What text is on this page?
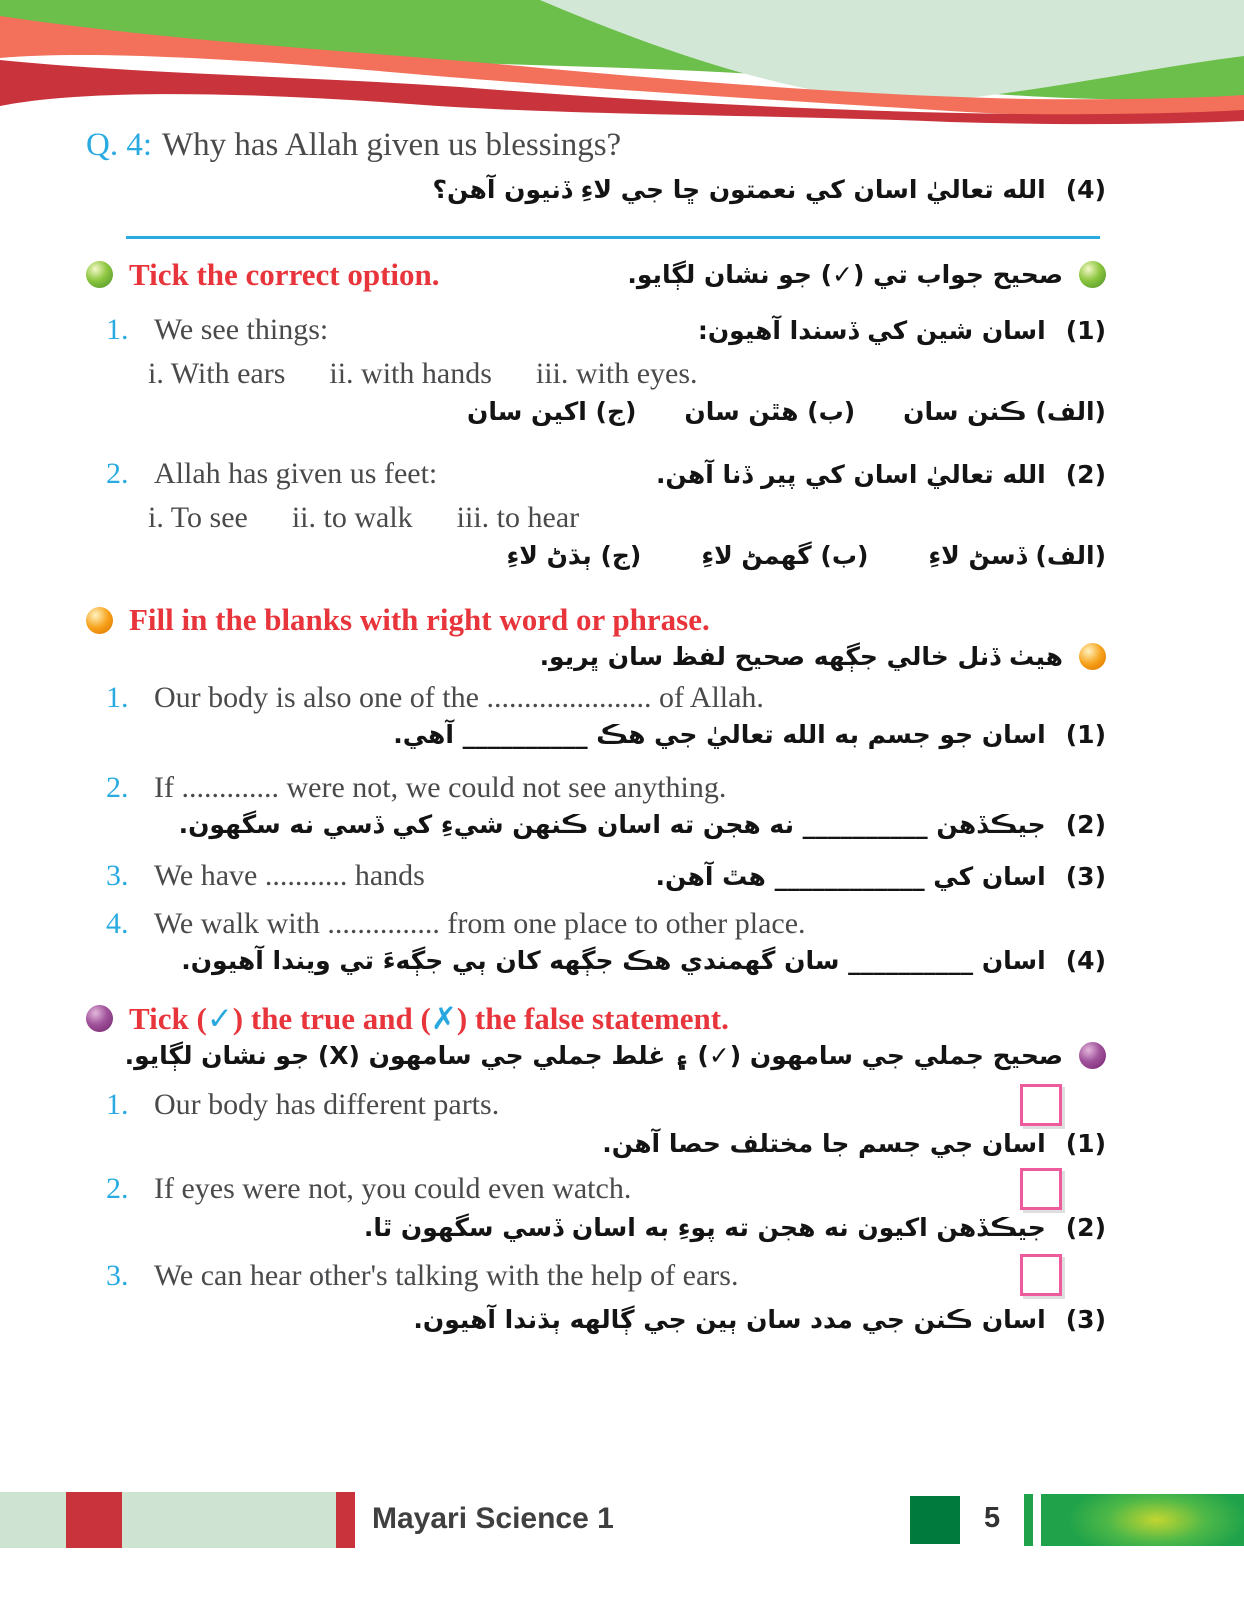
Q. 4: Why has Allah given us blessings?
(4)
الله تعاليٰ اسان کي نعمتون ڇا جي لاءِ ڏنيون آهن؟
Tick the correct option.	صحيح جواب تي (✓) جو نشان لڳايو.
1. We see things:	(1)
اسان شين کي ڏسندا آهيون:
i. With ears ii. with hands iii. with eyes.
(الف) ڪنن سان
(ب) هٿن سان
(ج) اکين سان
2. Allah has given us feet:	(2)
الله تعاليٰ اسان کي پير ڏنا آهن.
i. To see ii. to walk iii. to hear
(الف) ڏسڻ لاءِ
(ب) گهمڻ لاءِ
(ج) ٻڌڻ لاءِ
Fill in the blanks with right word or phrase.
هيٺ ڏنل خالي جڳهه صحيح لفظ سان ڀريو.
1. Our body is also one of the ...................... of Allah.
(1)
اسان جو جسم به الله تعاليٰ جي هڪ __________ آهي.
2. If ............. were not, we could not see anything.
(2)
جيڪڏهن __________ نه هجن ته اسان ڪنهن شيءِ کي ڏسي نه سگهون.
3. We have ........... hands	(3)
اسان کي ____________ هٿ آهن.
4. We walk with ............... from one place to other place.
(4)
اسان __________ سان گهمندي هڪ جڳهه کان ٻي جڳهءَ تي ويندا آهيون.
Tick (✓) the true and (✗) the false statement.
صحيح جملي جي سامهون (✓) ۽ غلط جملي جي سامهون (X) جو نشان لڳايو.
1. Our body has different parts.
(1)
اسان جي جسم جا مختلف حصا آهن.
2. If eyes were not, you could even watch.
(2)
جيڪڏهن اکيون نه هجن ته پوءِ به اسان ڏسي سگهون ٿا.
3. We can hear other's talking with the help of ears.
(3)
اسان ڪنن جي مدد سان ٻين جي ڳالهه ٻڌندا آهيون.
Mayari Science 1	5
